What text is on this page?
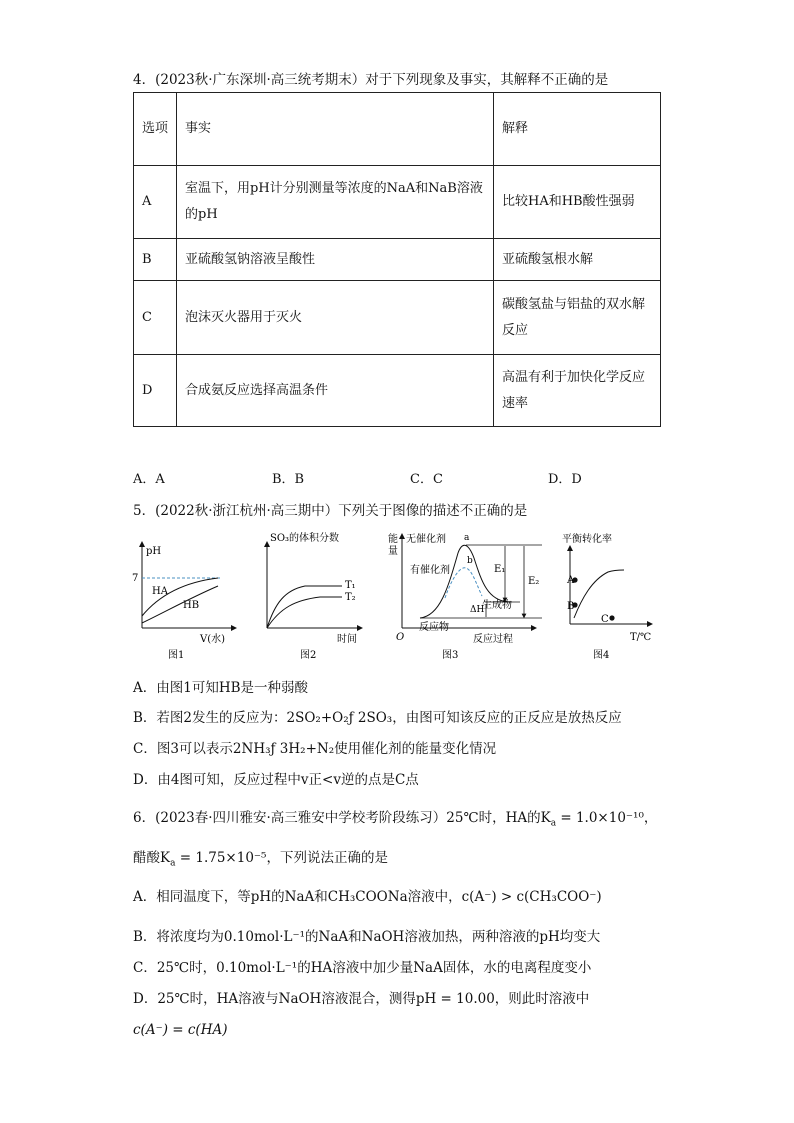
4．(2023秋·广东深圳·高三统考期末）对于下列现象及事实，其解释不正确的是
选项	事实	解释
A	室温下，用pH计分别测量等浓度的NaA和NaB溶液的pH	比较HA和HB酸性强弱
B	亚硫酸氢钠溶液呈酸性	亚硫酸氢根水解
C	泡沫灭火器用于灭火	碳酸氢盐与铝盐的双水解反应
D	合成氨反应选择高温条件	高温有利于加快化学反应速率
A．A	B．B	C．C	D．D
5．(2022秋·浙江杭州·高三期中）下列关于图像的描述不正确的是
pH
7
HA
HB
V(水)
图1
SO₃的体积分数
T₁
T₂
时间
图2
能
量
O
无催化剂
有催化剂
a
b
E₁
E₂
ΔH
生成物
反应物
反应过程
图3
平衡转化率
A
B
C
T/℃
图4
A．由图1可知HB是一种弱酸
B．若图2发生的反应为：2SO₂+O₂ƒ 2SO₃，由图可知该反应的正反应是放热反应
C．图3可以表示2NH₃ƒ 3H₂+N₂使用催化剂的能量变化情况
D．由4图可知，反应过程中v正<v逆的点是C点
6．(2023春·四川雅安·高三雅安中学校考阶段练习）25℃时，HA的$K_a = 1.0\times 10^{-10}$，
醋酸$K_a = 1.75\times 10^{-5}$，下列说法正确的是
A．相同温度下，等pH的NaA和CH₃COONa溶液中，c(A⁻) > c(CH₃COO⁻)
B．将浓度均为0.10mol·L⁻¹的NaA和NaOH溶液加热，两种溶液的pH均变大
C．25℃时，0.10mol·L⁻¹的HA溶液中加少量NaA固体，水的电离程度变小
D．25℃时，HA溶液与NaOH溶液混合，测得pH = 10.00，则此时溶液中
c(A⁻) = c(HA)
